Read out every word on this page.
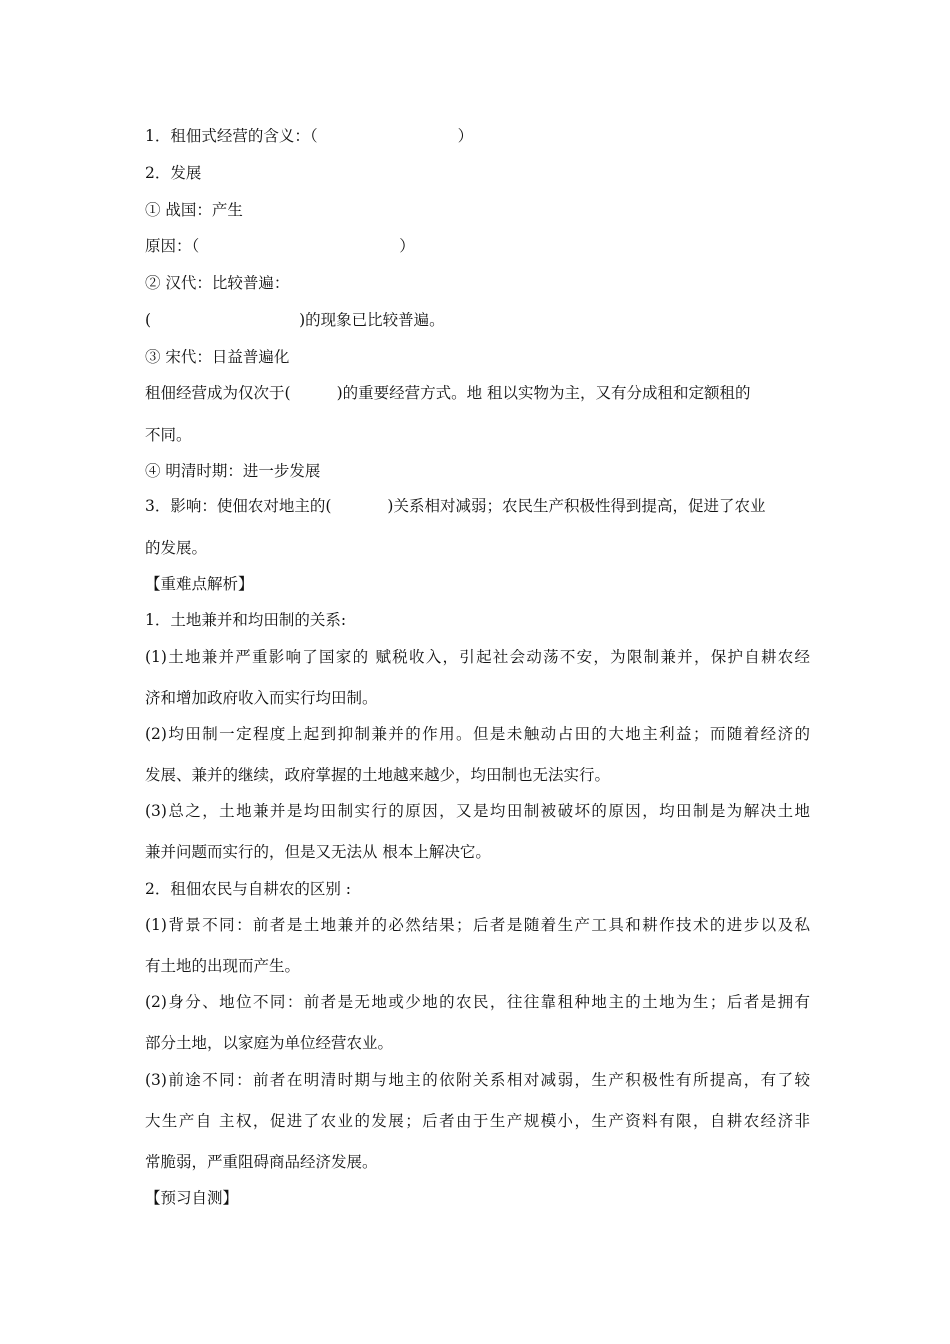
1．租佃式经营的含义：（	）
2．发展
① 战国：产生
原因：（	）
② 汉代：比较普遍：
(	)的现象已比较普遍。
③ 宋代：日益普遍化
租佃经营成为仅次于(	)的重要经营方式。地 租以实物为主，又有分成租和定额租的
不同。
④ 明清时期：进一步发展
3．影响：使佃农对地主的(	)关系相对减弱；农民生产积极性得到提高，促进了农业
的发展。
【重难点解析】
1．土地兼并和均田制的关系:
(1)土地兼并严重影响了国家的 赋税收入，引起社会动荡不安，为限制兼并，保护自耕农经
济和增加政府收入而实行均田制。
(2)均田制一定程度上起到抑制兼并的作用。但是未触动占田的大地主利益；而随着经济的
发展、兼并的继续，政府掌握的土地越来越少，均田制也无法实行。
(3)总之，土地兼并是均田制实行的原因，又是均田制被破坏的原因，均田制是为解决土地
兼并问题而实行的，但是又无法从 根本上解决它。
2．租佃农民与自耕农的区别 :
(1)背景不同：前者是土地兼并的必然结果；后者是随着生产工具和耕作技术的进步以及私
有土地的出现而产生。
(2)身分、地位不同：前者是无地或少地的农民，往往靠租种地主的土地为生；后者是拥有
部分土地，以家庭为单位经营农业。
(3)前途不同：前者在明清时期与地主的依附关系相对减弱，生产积极性有所提高，有了较
大生产自 主权，促进了农业的发展；后者由于生产规模小，生产资料有限，自耕农经济非
常脆弱，严重阻碍商品经济发展。
【预习自测】
